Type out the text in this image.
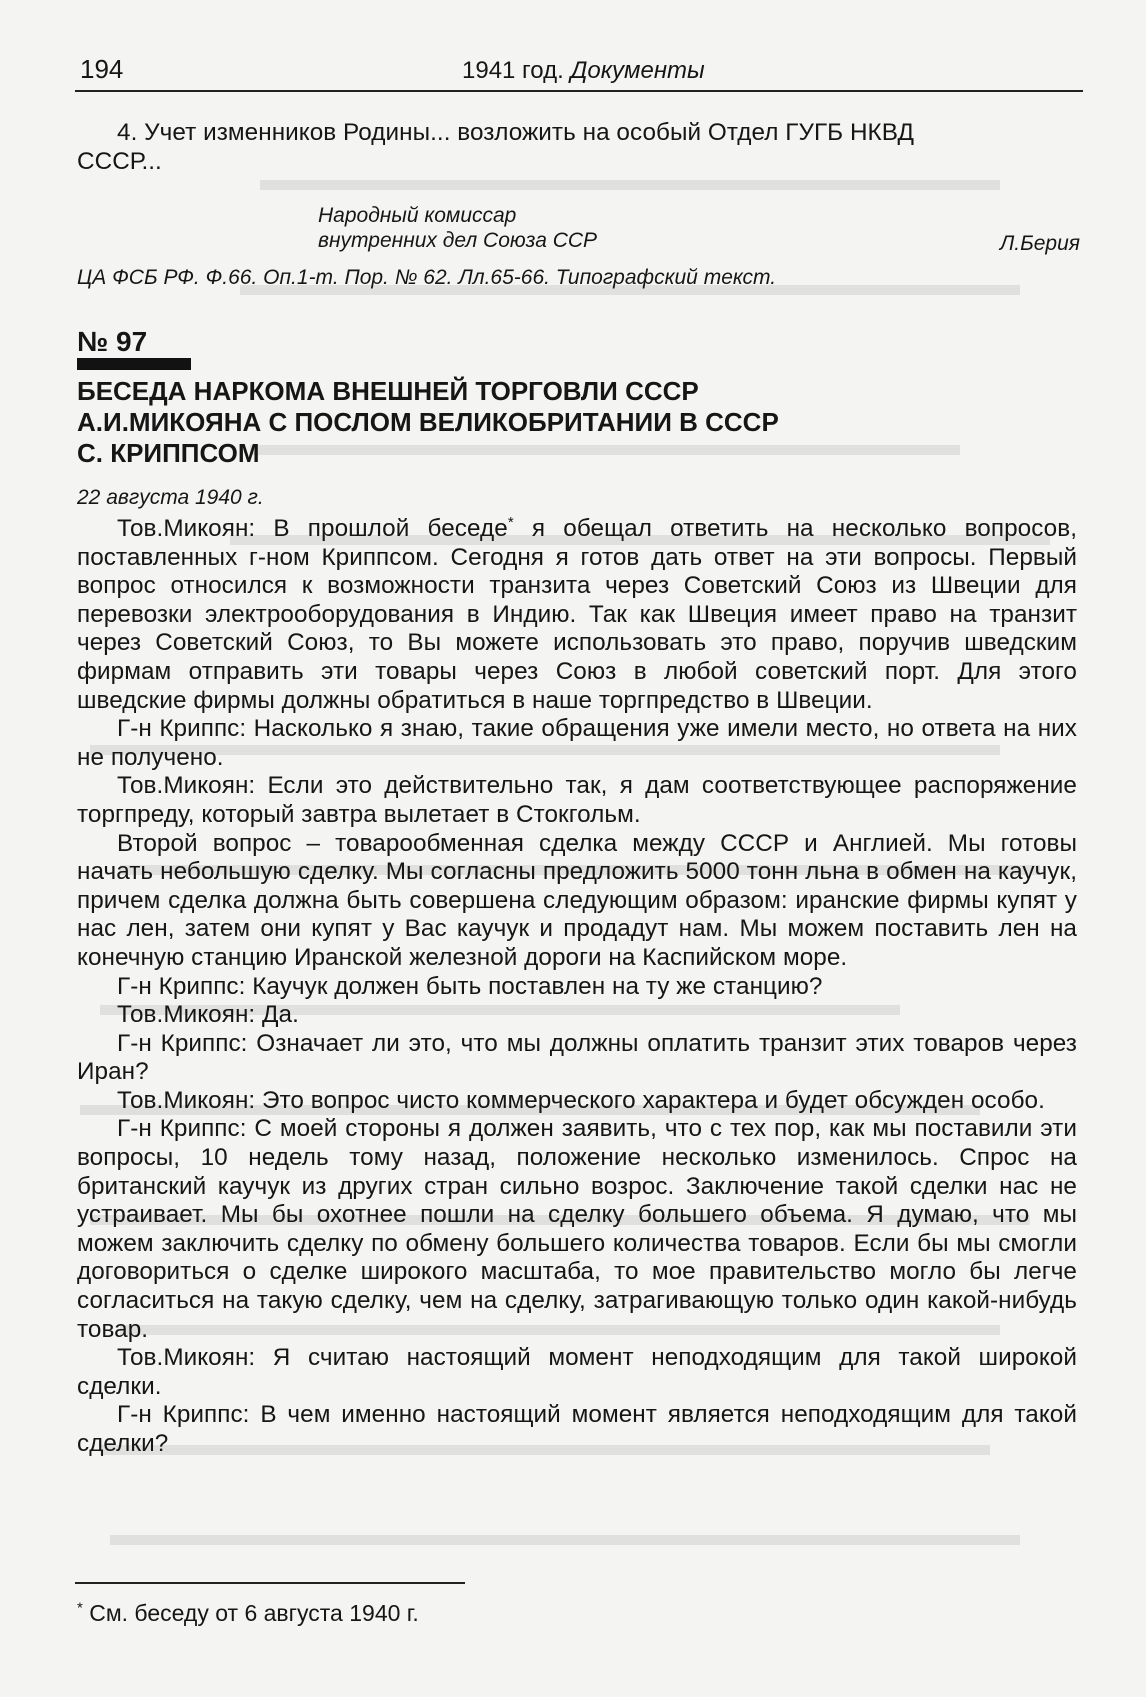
194	1941 год. Документы

4. Учет изменников Родины... возложить на особый Отдел ГУГБ НКВД

СССР...
Народный комиссар
внутренних дел Союза ССР	Л.Берия
ЦА ФСБ РФ. Ф.66. Оп.1-т. Пор. № 62. Лл.65-66. Типографский текст.
№ 97
БЕСЕДА НАРКОМА ВНЕШНЕЙ ТОРГОВЛИ СССР
А.И.МИКОЯНА С ПОСЛОМ ВЕЛИКОБРИТАНИИ В СССР
С. КРИППСОМ
22 августа 1940 г.

Тов.Микоян: В прошлой беседе* я обещал ответить на несколько вопросов, поставленных г-ном Криппсом. Сегодня я готов дать ответ на эти вопросы. Первый вопрос относился к возможности транзита через Советский Союз из Швеции для перевозки электрооборудования в Индию. Так как Швеция имеет право на транзит через Советский Союз, то Вы можете использовать это право, поручив шведским фирмам отправить эти товары через Союз в любой советский порт. Для этого шведские фирмы должны обратиться в наше торгпредство в Швеции.

Г-н Криппс: Насколько я знаю, такие обращения уже имели место, но ответа на них не получено.

Тов.Микоян: Если это действительно так, я дам соответствующее распоряжение торгпреду, который завтра вылетает в Стокгольм.

Второй вопрос – товарообменная сделка между СССР и Англией. Мы готовы начать небольшую сделку. Мы согласны предложить 5000 тонн льна в обмен на каучук, причем сделка должна быть совершена следующим образом: иранские фирмы купят у нас лен, затем они купят у Вас каучук и продадут нам. Мы можем поставить лен на конечную станцию Иранской железной дороги на Каспийском море.

Г-н Криппс: Каучук должен быть поставлен на ту же станцию?

Тов.Микоян: Да.

Г-н Криппс: Означает ли это, что мы должны оплатить транзит этих товаров через Иран?

Тов.Микоян: Это вопрос чисто коммерческого характера и будет обсужден особо.

Г-н Криппс: С моей стороны я должен заявить, что с тех пор, как мы поставили эти вопросы, 10 недель тому назад, положение несколько изменилось. Спрос на британский каучук из других стран сильно возрос. Заключение такой сделки нас не устраивает. Мы бы охотнее пошли на сделку большего объема. Я думаю, что мы можем заключить сделку по обмену большего количества товаров. Если бы мы смогли договориться о сделке широкого масштаба, то мое правительство могло бы легче согласиться на такую сделку, чем на сделку, затрагивающую только один какой-нибудь товар.

Тов.Микоян: Я считаю настоящий момент неподходящим для такой широкой сделки.

Г-н Криппс: В чем именно настоящий момент является неподходящим для такой сделки?

* См. беседу от 6 августа 1940 г.
